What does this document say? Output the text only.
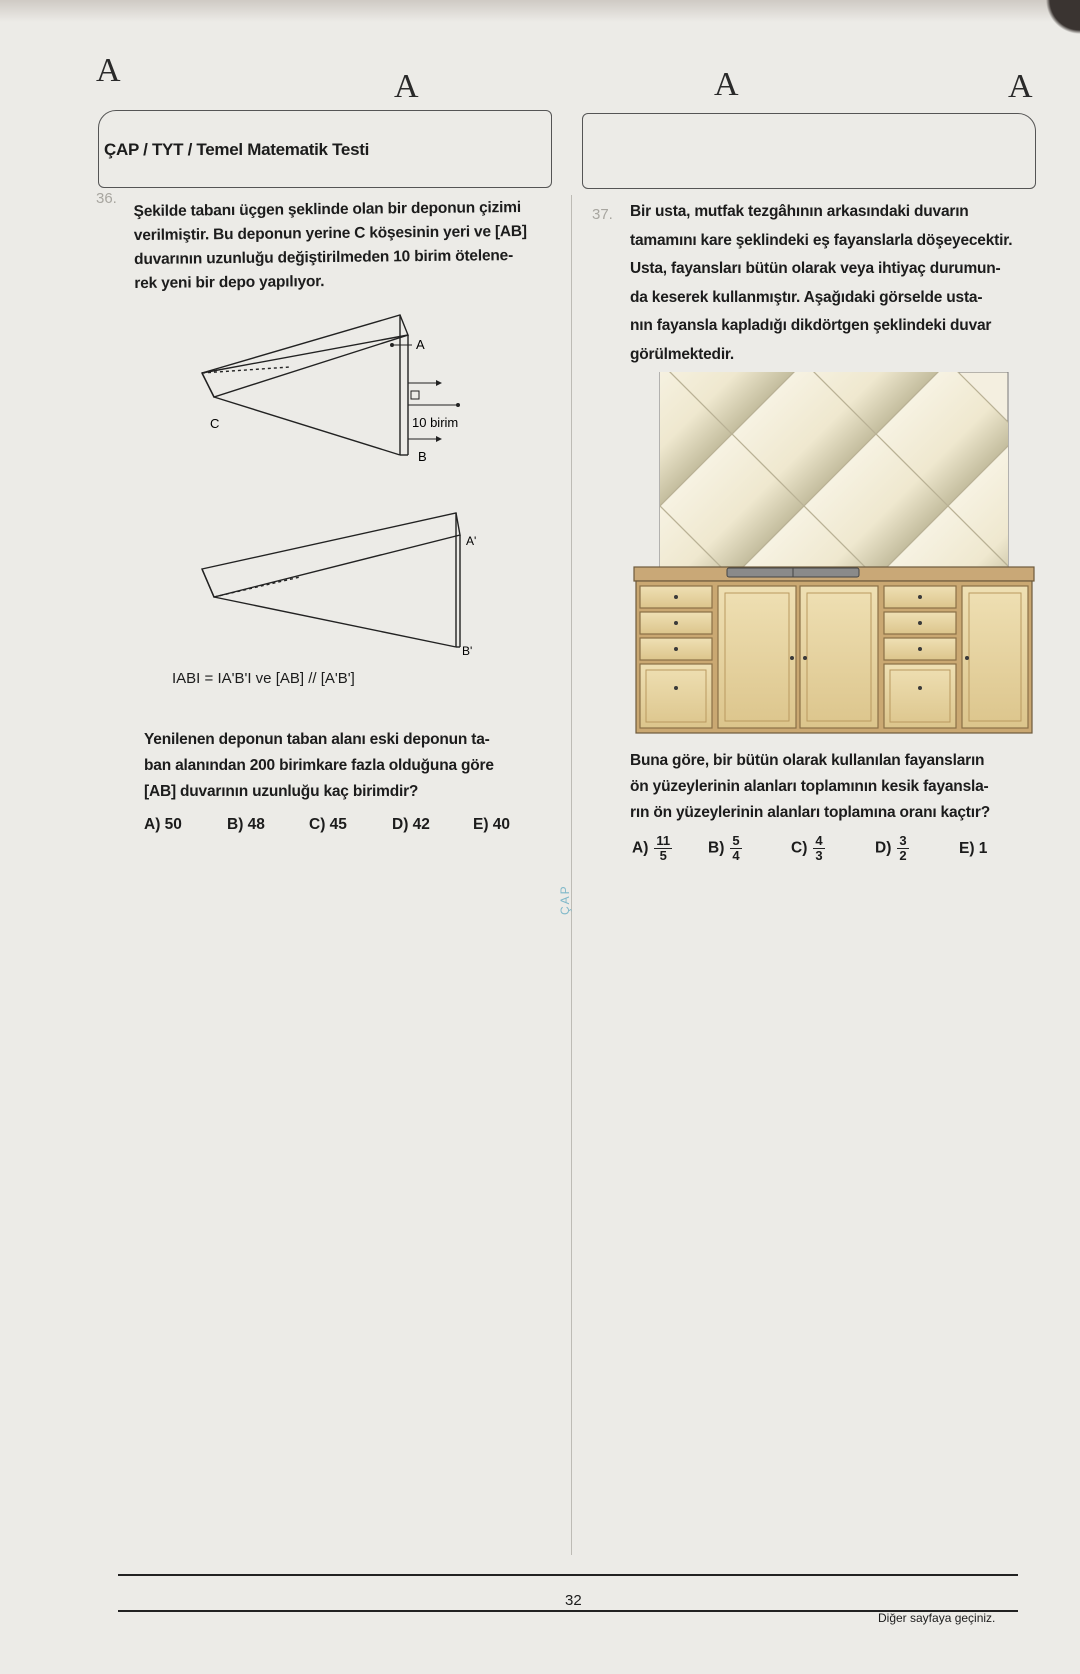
A	A	A	A
ÇAP / TYT / Temel Matematik Testi
36.
Şekilde tabanı üçgen şeklinde olan bir deponun çizimi
verilmiştir. Bu deponun yerine C köşesinin yeri ve [AB]
duvarının uzunluğu değiştirilmeden 10 birim ötelene-
rek yeni bir depo yapılıyor.
A
B
C	10 birim
A'
B'
IABI = IA'B'I ve [AB] // [A'B']
Yenilenen deponun taban alanı eski deponun ta-
ban alanından 200 birimkare fazla olduğuna göre
[AB] duvarının uzunluğu kaç birimdir?
A) 50	B) 48	C) 45	D) 42	E) 40
ÇAP
37. Bir usta, mutfak tezgâhının arkasındaki duvarın
tamamını kare şeklindeki eş fayanslarla döşeyecektir.
Usta, fayansları bütün olarak veya ihtiyaç durumun-
da keserek kullanmıştır. Aşağıdaki görselde usta-
nın fayansla kapladığı dikdörtgen şeklindeki duvar
görülmektedir.
Buna göre, bir bütün olarak kullanılan fayansların
ön yüzeylerinin alanları toplamının kesik fayansla-
rın ön yüzeylerinin alanları toplamına oranı kaçtır?
$A) \frac{11}{5} B) \frac{5}{4}$	$C) \frac{4}{3}$	$D) \frac{3}{2}$	E) 1
32
Diğer sayfaya geçiniz.
